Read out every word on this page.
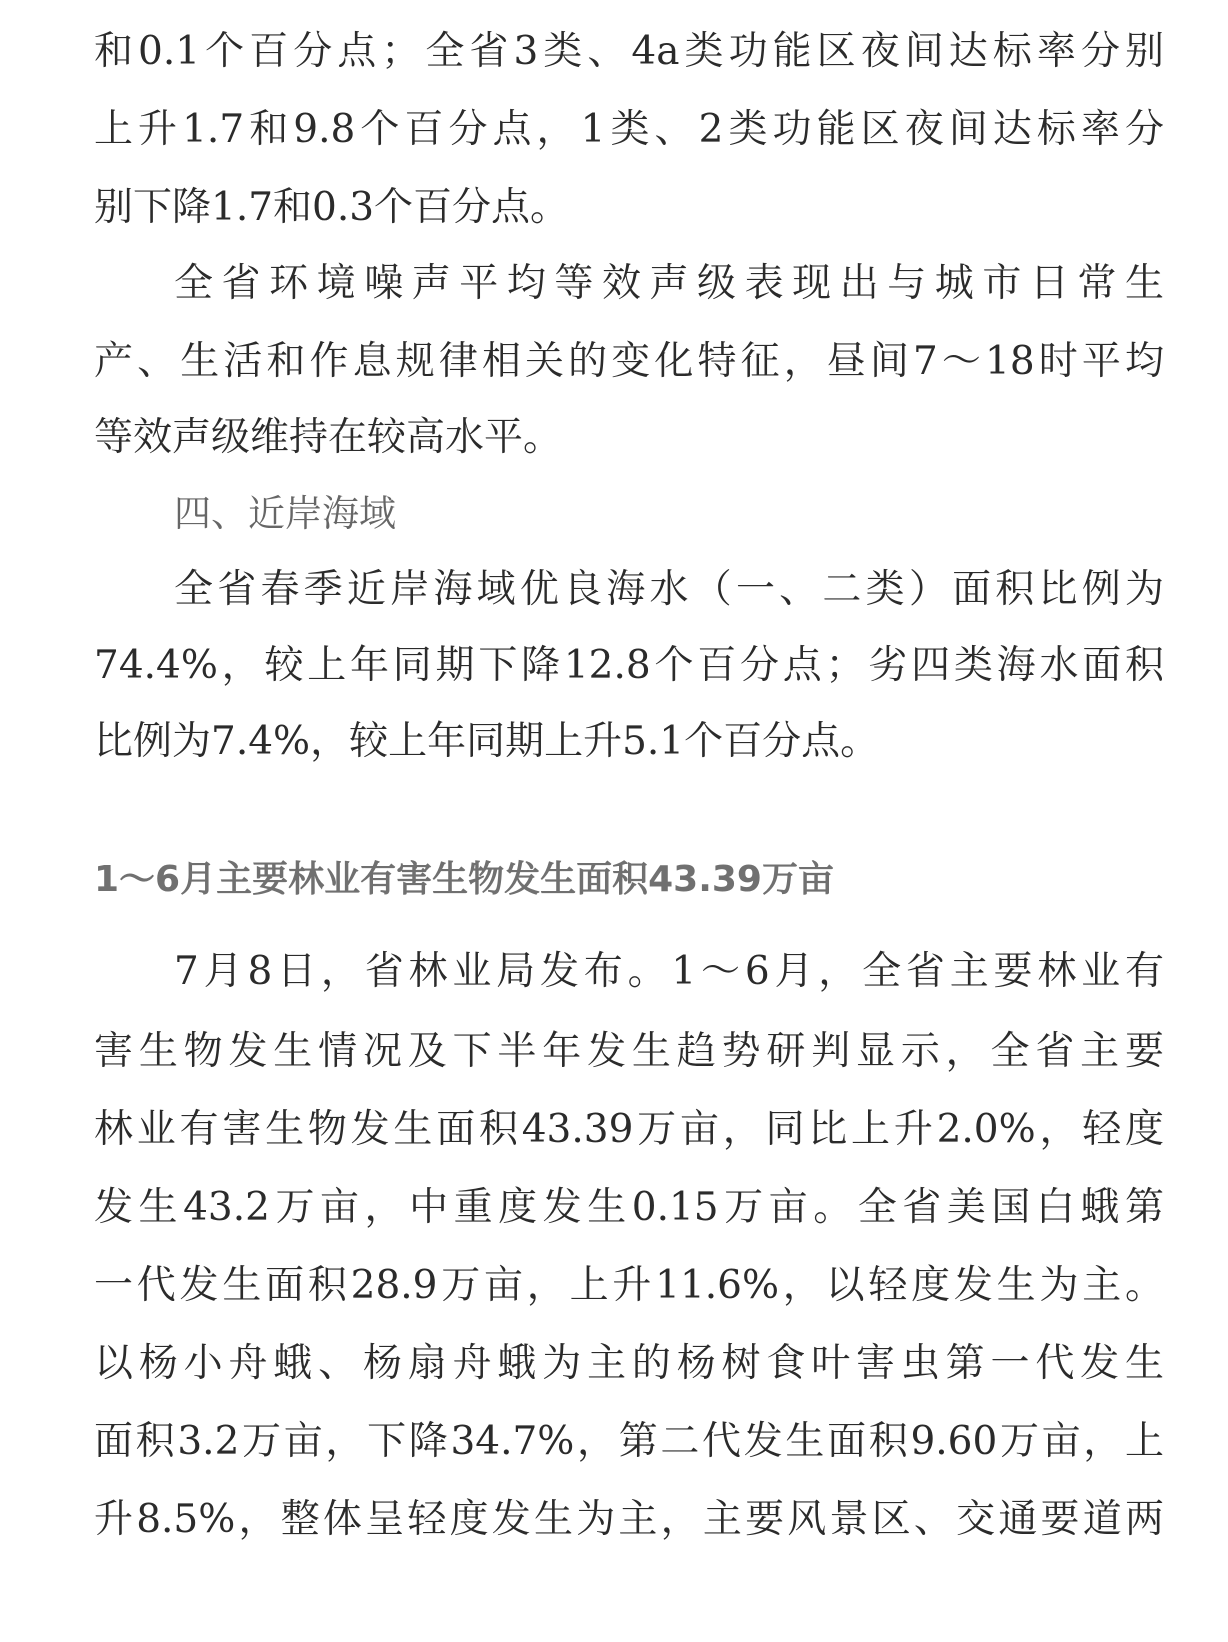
和0.1个百分点；全省3类、4a类功能区夜间达标率分别

上升1.7和9.8个百分点，1类、2类功能区夜间达标率分

别下降1.7和0.3个百分点。

全省环境噪声平均等效声级表现出与城市日常生

产、生活和作息规律相关的变化特征，昼间7～18时平均

等效声级维持在较高水平。

四、近岸海域

全省春季近岸海域优良海水（一、二类）面积比例为

74.4%，较上年同期下降12.8个百分点；劣四类海水面积

比例为7.4%，较上年同期上升5.1个百分点。

1～6月主要林业有害生物发生面积43.39万亩

7月8日，省林业局发布。1～6月，全省主要林业有

害生物发生情况及下半年发生趋势研判显示，全省主要

林业有害生物发生面积43.39万亩，同比上升2.0%，轻度

发生43.2万亩，中重度发生0.15万亩。全省美国白蛾第

一代发生面积28.9万亩，上升11.6%，以轻度发生为主。

以杨小舟蛾、杨扇舟蛾为主的杨树食叶害虫第一代发生

面积3.2万亩，下降34.7%，第二代发生面积9.60万亩，上

升8.5%，整体呈轻度发生为主，主要风景区、交通要道两
